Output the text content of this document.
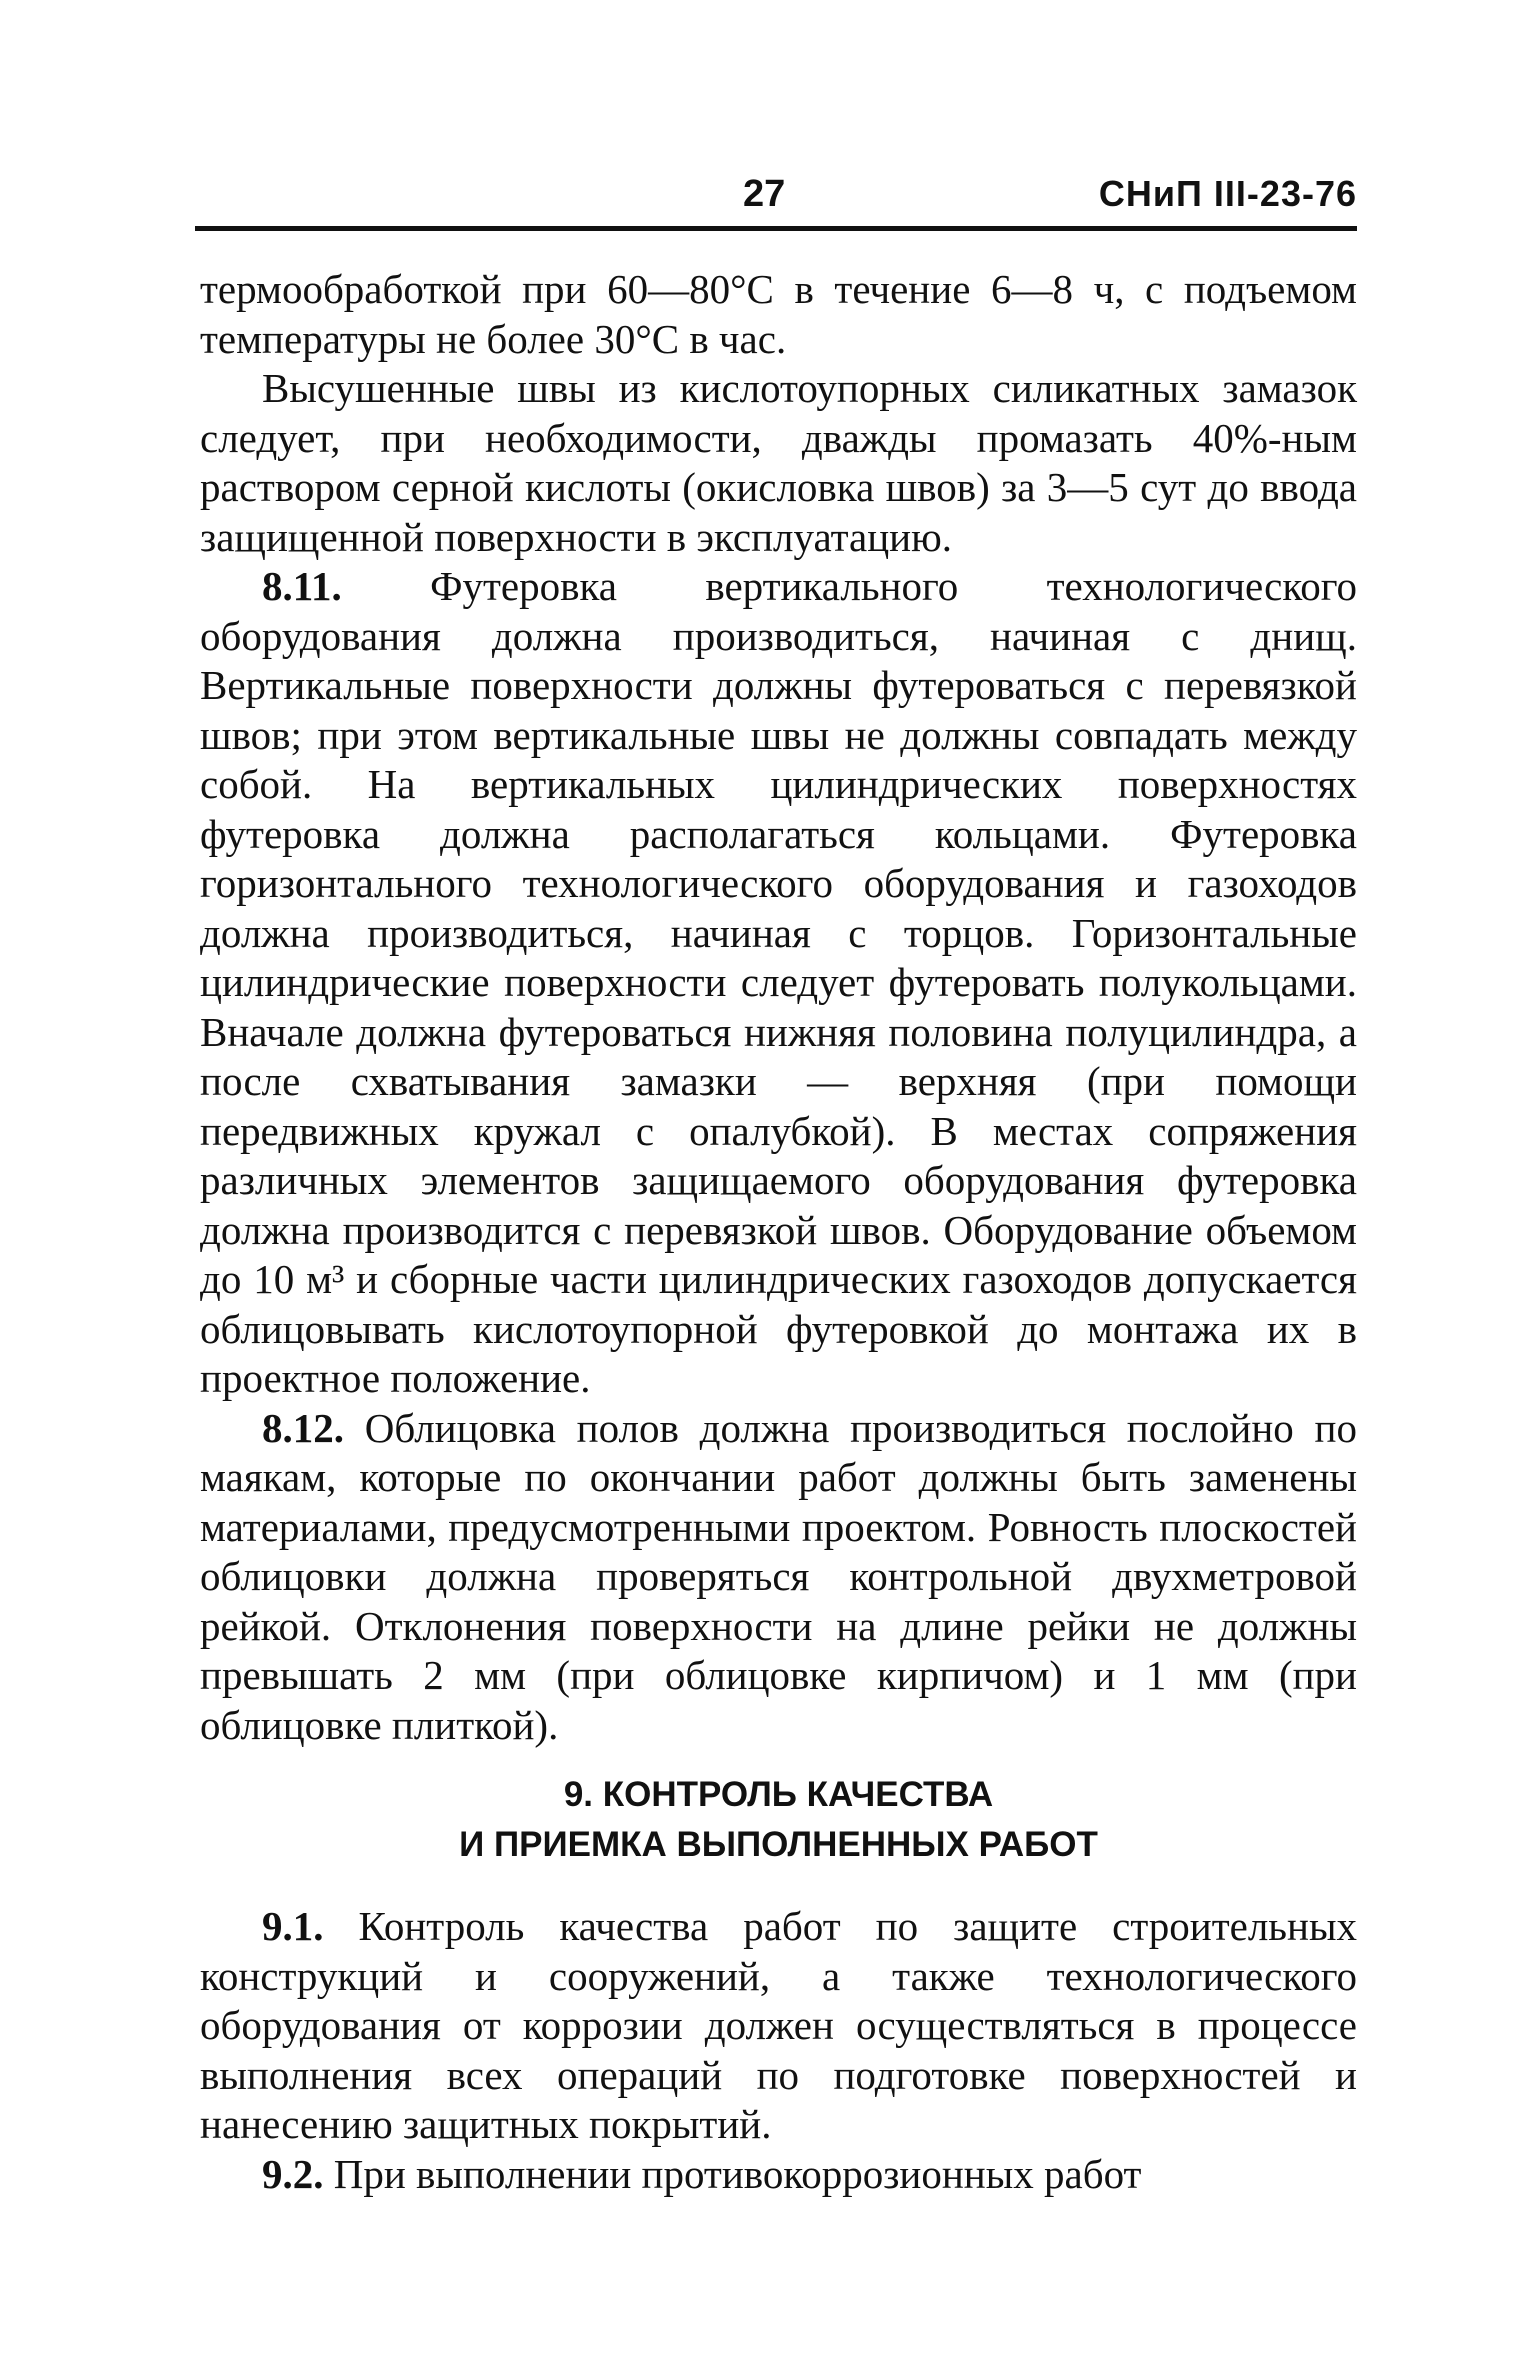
27	СНиП III-23-76

термообработкой при 60—80°С в течение 6—8 ч, с подъемом температуры не более 30°С в час.

Высушенные швы из кислотоупорных силикатных замазок следует, при необходимости, дважды промазать 40%-ным раствором серной кислоты (окисловка швов) за 3—5 сут до ввода защищенной поверхности в эксплуатацию.

8.11. Футеровка вертикального технологического оборудования должна производиться, начиная с днищ. Вертикальные поверхности должны футероваться с перевязкой швов; при этом вертикальные швы не должны совпадать между собой. На вертикальных цилиндрических поверхностях футеровка должна располагаться кольцами. Футеровка горизонтального технологического оборудования и газоходов должна производиться, начиная с торцов. Горизонтальные цилиндрические поверхности следует футеровать полукольцами. Вначале должна футероваться нижняя половина полуцилиндра, а после схватывания замазки — верхняя (при помощи передвижных кружал с опалубкой). В местах сопряжения различных элементов защищаемого оборудования футеровка должна производится с перевязкой швов. Оборудование объемом до 10 м³ и сборные части цилиндрических газоходов допускается облицовывать кислотоупорной футеровкой до монтажа их в проектное положение.

8.12. Облицовка полов должна производиться послойно по маякам, которые по окончании работ должны быть заменены материалами, предусмотренными проектом. Ровность плоскостей облицовки должна проверяться контрольной двухметровой рейкой. Отклонения поверхности на длине рейки не должны превышать 2 мм (при облицовке кирпичом) и 1 мм (при облицовке плиткой).

9. КОНТРОЛЬ КАЧЕСТВА
И ПРИЕМКА ВЫПОЛНЕННЫХ РАБОТ

9.1. Контроль качества работ по защите строительных конструкций и сооружений, а также технологического оборудования от коррозии должен осуществляться в процессе выполнения всех операций по подготовке поверхностей и нанесению защитных покрытий.

9.2. При выполнении противокоррозионных работ
